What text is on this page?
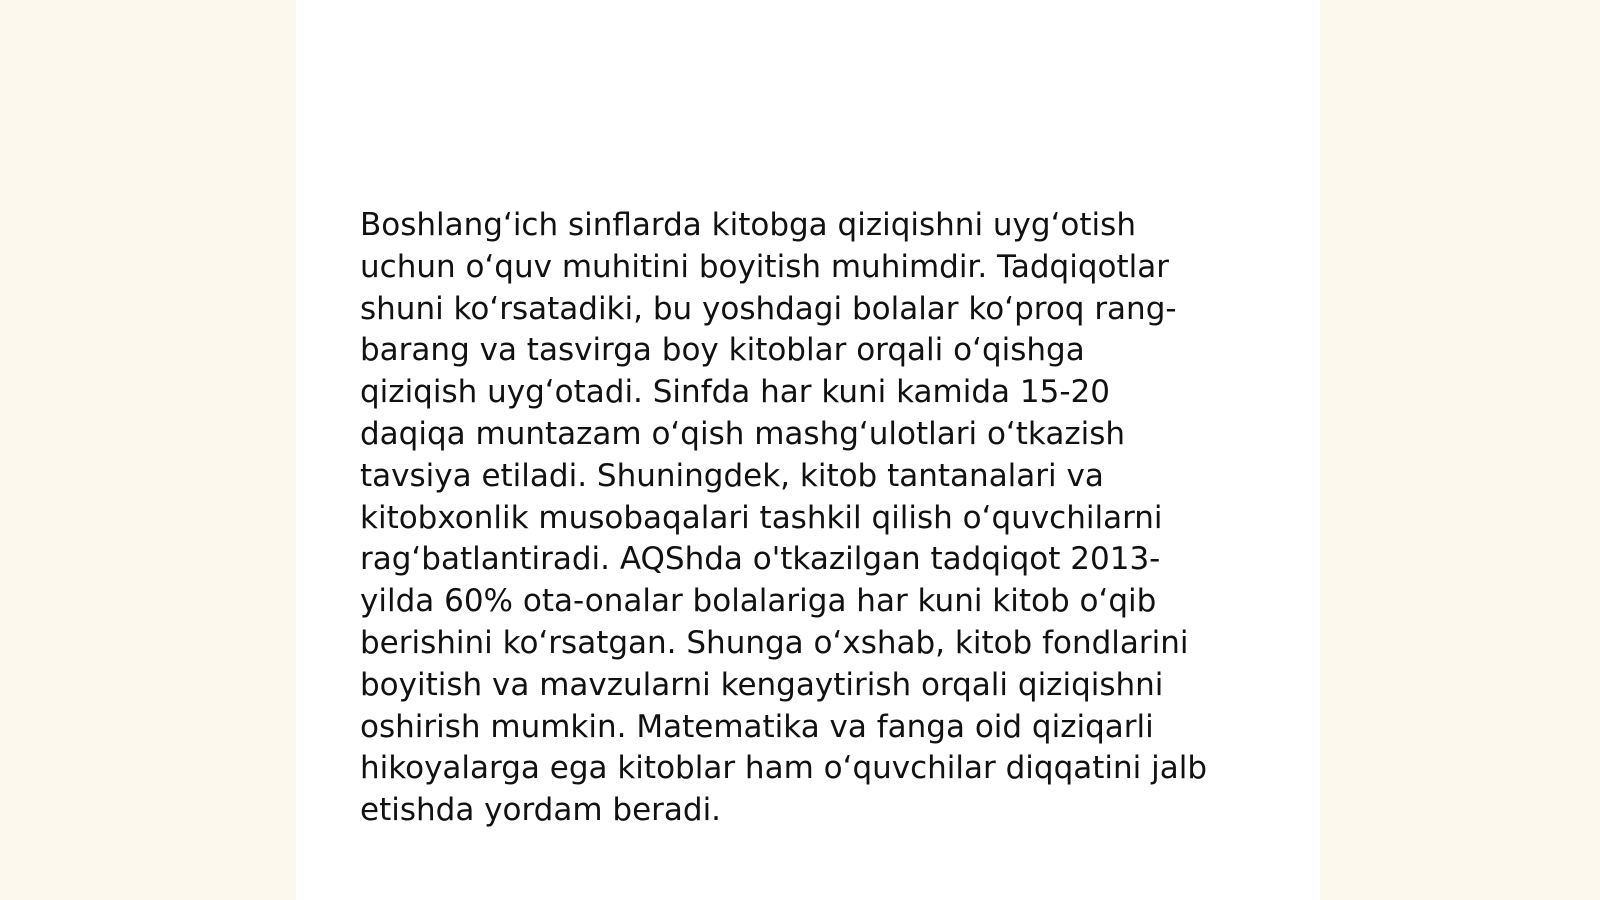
Boshlang‘ich sinflarda kitobga qiziqishni uyg‘otish
uchun o‘quv muhitini boyitish muhimdir. Tadqiqotlar
shuni ko‘rsatadiki, bu yoshdagi bolalar ko‘proq rang-
barang va tasvirga boy kitoblar orqali o‘qishga
qiziqish uyg‘otadi. Sinfda har kuni kamida 15-20
daqiqa muntazam o‘qish mashg‘ulotlari o‘tkazish
tavsiya etiladi. Shuningdek, kitob tantanalari va
kitobxonlik musobaqalari tashkil qilish o‘quvchilarni
rag‘batlantiradi. AQShda o'tkazilgan tadqiqot 2013-
yilda 60% ota-onalar bolalariga har kuni kitob o‘qib
berishini ko‘rsatgan. Shunga o‘xshab, kitob fondlarini
boyitish va mavzularni kengaytirish orqali qiziqishni
oshirish mumkin. Matematika va fanga oid qiziqarli
hikoyalarga ega kitoblar ham o‘quvchilar diqqatini jalb
etishda yordam beradi.
